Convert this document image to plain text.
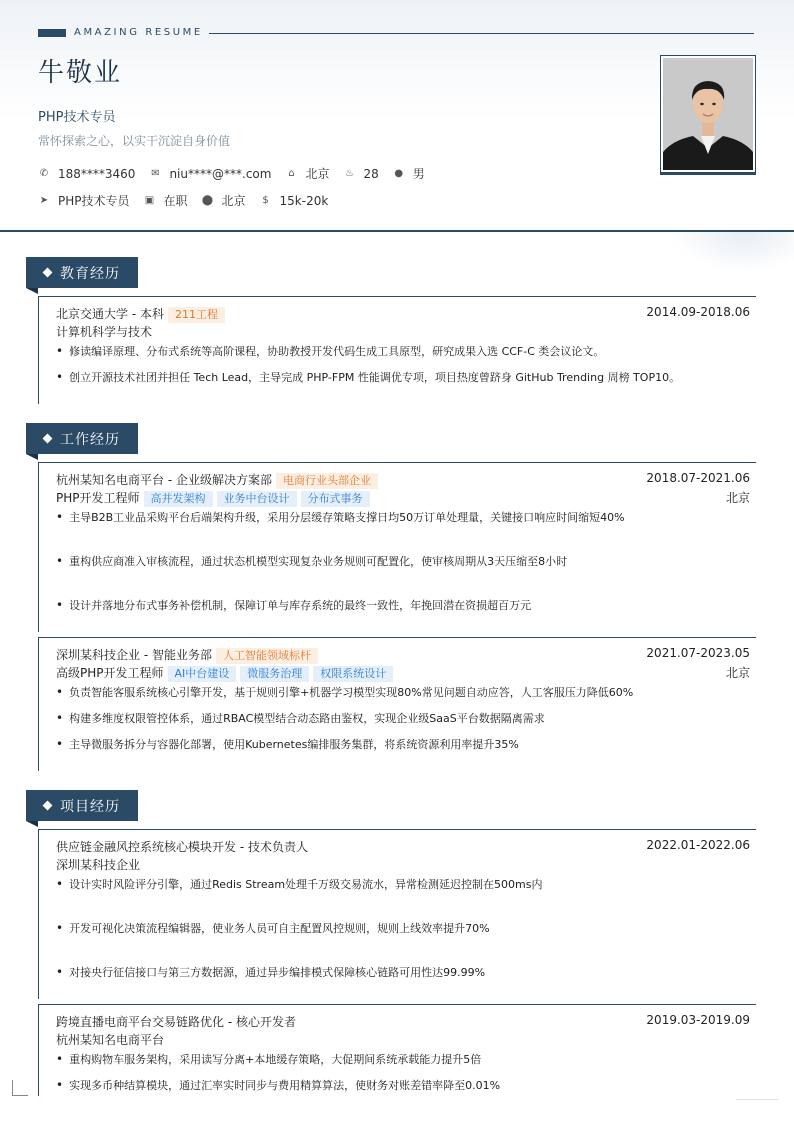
AMAZING RESUME
牛敬业
PHP技术专员
常怀探索之心，以实干沉淀自身价值
✆ 188****3460 ✉ niu****@***.com ⌂ 北京 ♨ 28 ● 男
➤ PHP技术专员 ▣ 在职 ⬤ 北京 $ 15k-20k
教育经历
北京交通大学 - 本科 211工程	2014.09-2018.06
计算机科学与技术
• 修读编译原理、分布式系统等高阶课程，协助教授开发代码生成工具原型，研究成果入选 CCF-C 类会议论文。
• 创立开源技术社团并担任 Tech Lead，主导完成 PHP-FPM 性能调优专项，项目热度曾跻身 GitHub Trending 周榜 TOP10。
工作经历
杭州某知名电商平台 - 企业级解决方案部 电商行业头部企业	2018.07-2021.06
PHP开发工程师 高并发架构 业务中台设计 分布式事务	北京
• 主导B2B工业品采购平台后端架构升级，采用分层缓存策略支撑日均50万订单处理量，关键接口响应时间缩短40%
• 重构供应商准入审核流程，通过状态机模型实现复杂业务规则可配置化，使审核周期从3天压缩至8小时
• 设计并落地分布式事务补偿机制，保障订单与库存系统的最终一致性，年挽回潜在资损超百万元
深圳某科技企业 - 智能业务部 人工智能领域标杆	2021.07-2023.05
高级PHP开发工程师 AI中台建设 微服务治理 权限系统设计	北京
• 负责智能客服系统核心引擎开发，基于规则引擎+机器学习模型实现80%常见问题自动应答，人工客服压力降低60%
• 构建多维度权限管控体系，通过RBAC模型结合动态路由鉴权，实现企业级SaaS平台数据隔离需求
• 主导微服务拆分与容器化部署，使用Kubernetes编排服务集群，将系统资源利用率提升35%
项目经历
供应链金融风控系统核心模块开发 - 技术负责人	2022.01-2022.06
深圳某科技企业
• 设计实时风险评分引擎，通过Redis Stream处理千万级交易流水，异常检测延迟控制在500ms内
• 开发可视化决策流程编辑器，使业务人员可自主配置风控规则，规则上线效率提升70%
• 对接央行征信接口与第三方数据源，通过异步编排模式保障核心链路可用性达99.99%
跨境直播电商平台交易链路优化 - 核心开发者	2019.03-2019.09
杭州某知名电商平台
• 重构购物车服务架构，采用读写分离+本地缓存策略，大促期间系统承载能力提升5倍
• 实现多币种结算模块，通过汇率实时同步与费用精算算法，使财务对账差错率降至0.01%
